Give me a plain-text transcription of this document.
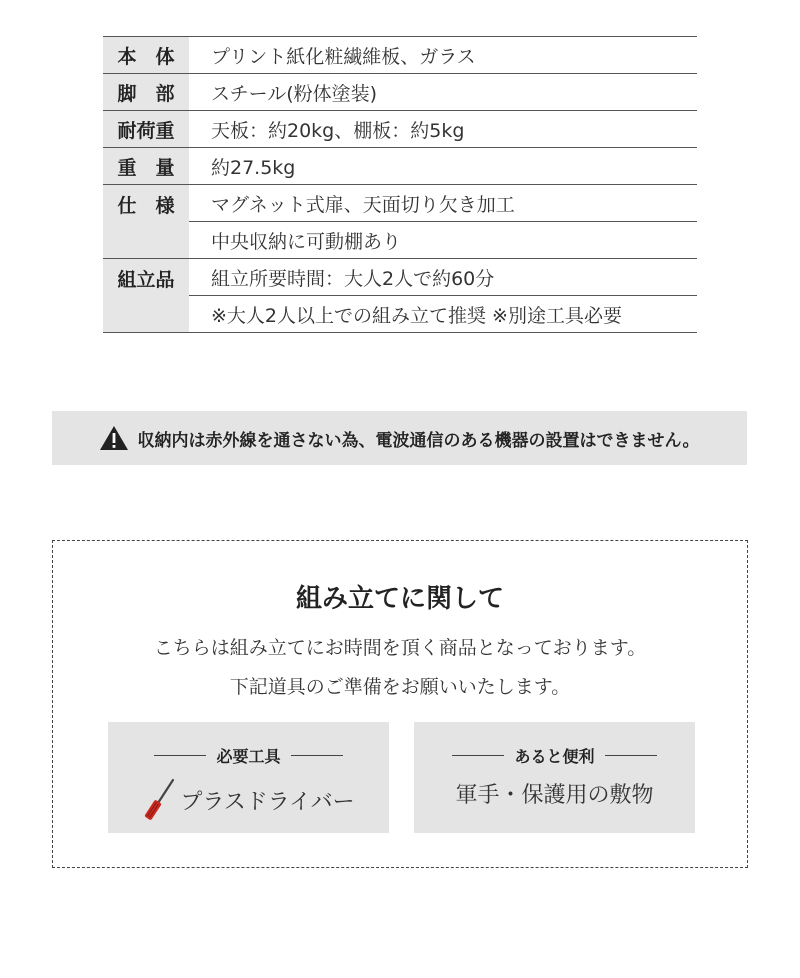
本　体	プリント紙化粧繊維板、ガラス
脚　部	スチール(粉体塗装)
耐荷重	天板：約20kg、棚板：約5kg
重　量	約27.5kg
仕　様	マグネット式扉、天面切り欠き加工
	中央収納に可動棚あり
組立品	組立所要時間：大人2人で約60分
	※大人2人以上での組み立て推奨 ※別途工具必要
収納内は赤外線を通さない為、電波通信のある機器の設置はできません。
組み立てに関して
こちらは組み立てにお時間を頂く商品となっております。
下記道具のご準備をお願いいたします。
必要工具
プラスドライバー
あると便利
軍手・保護用の敷物
